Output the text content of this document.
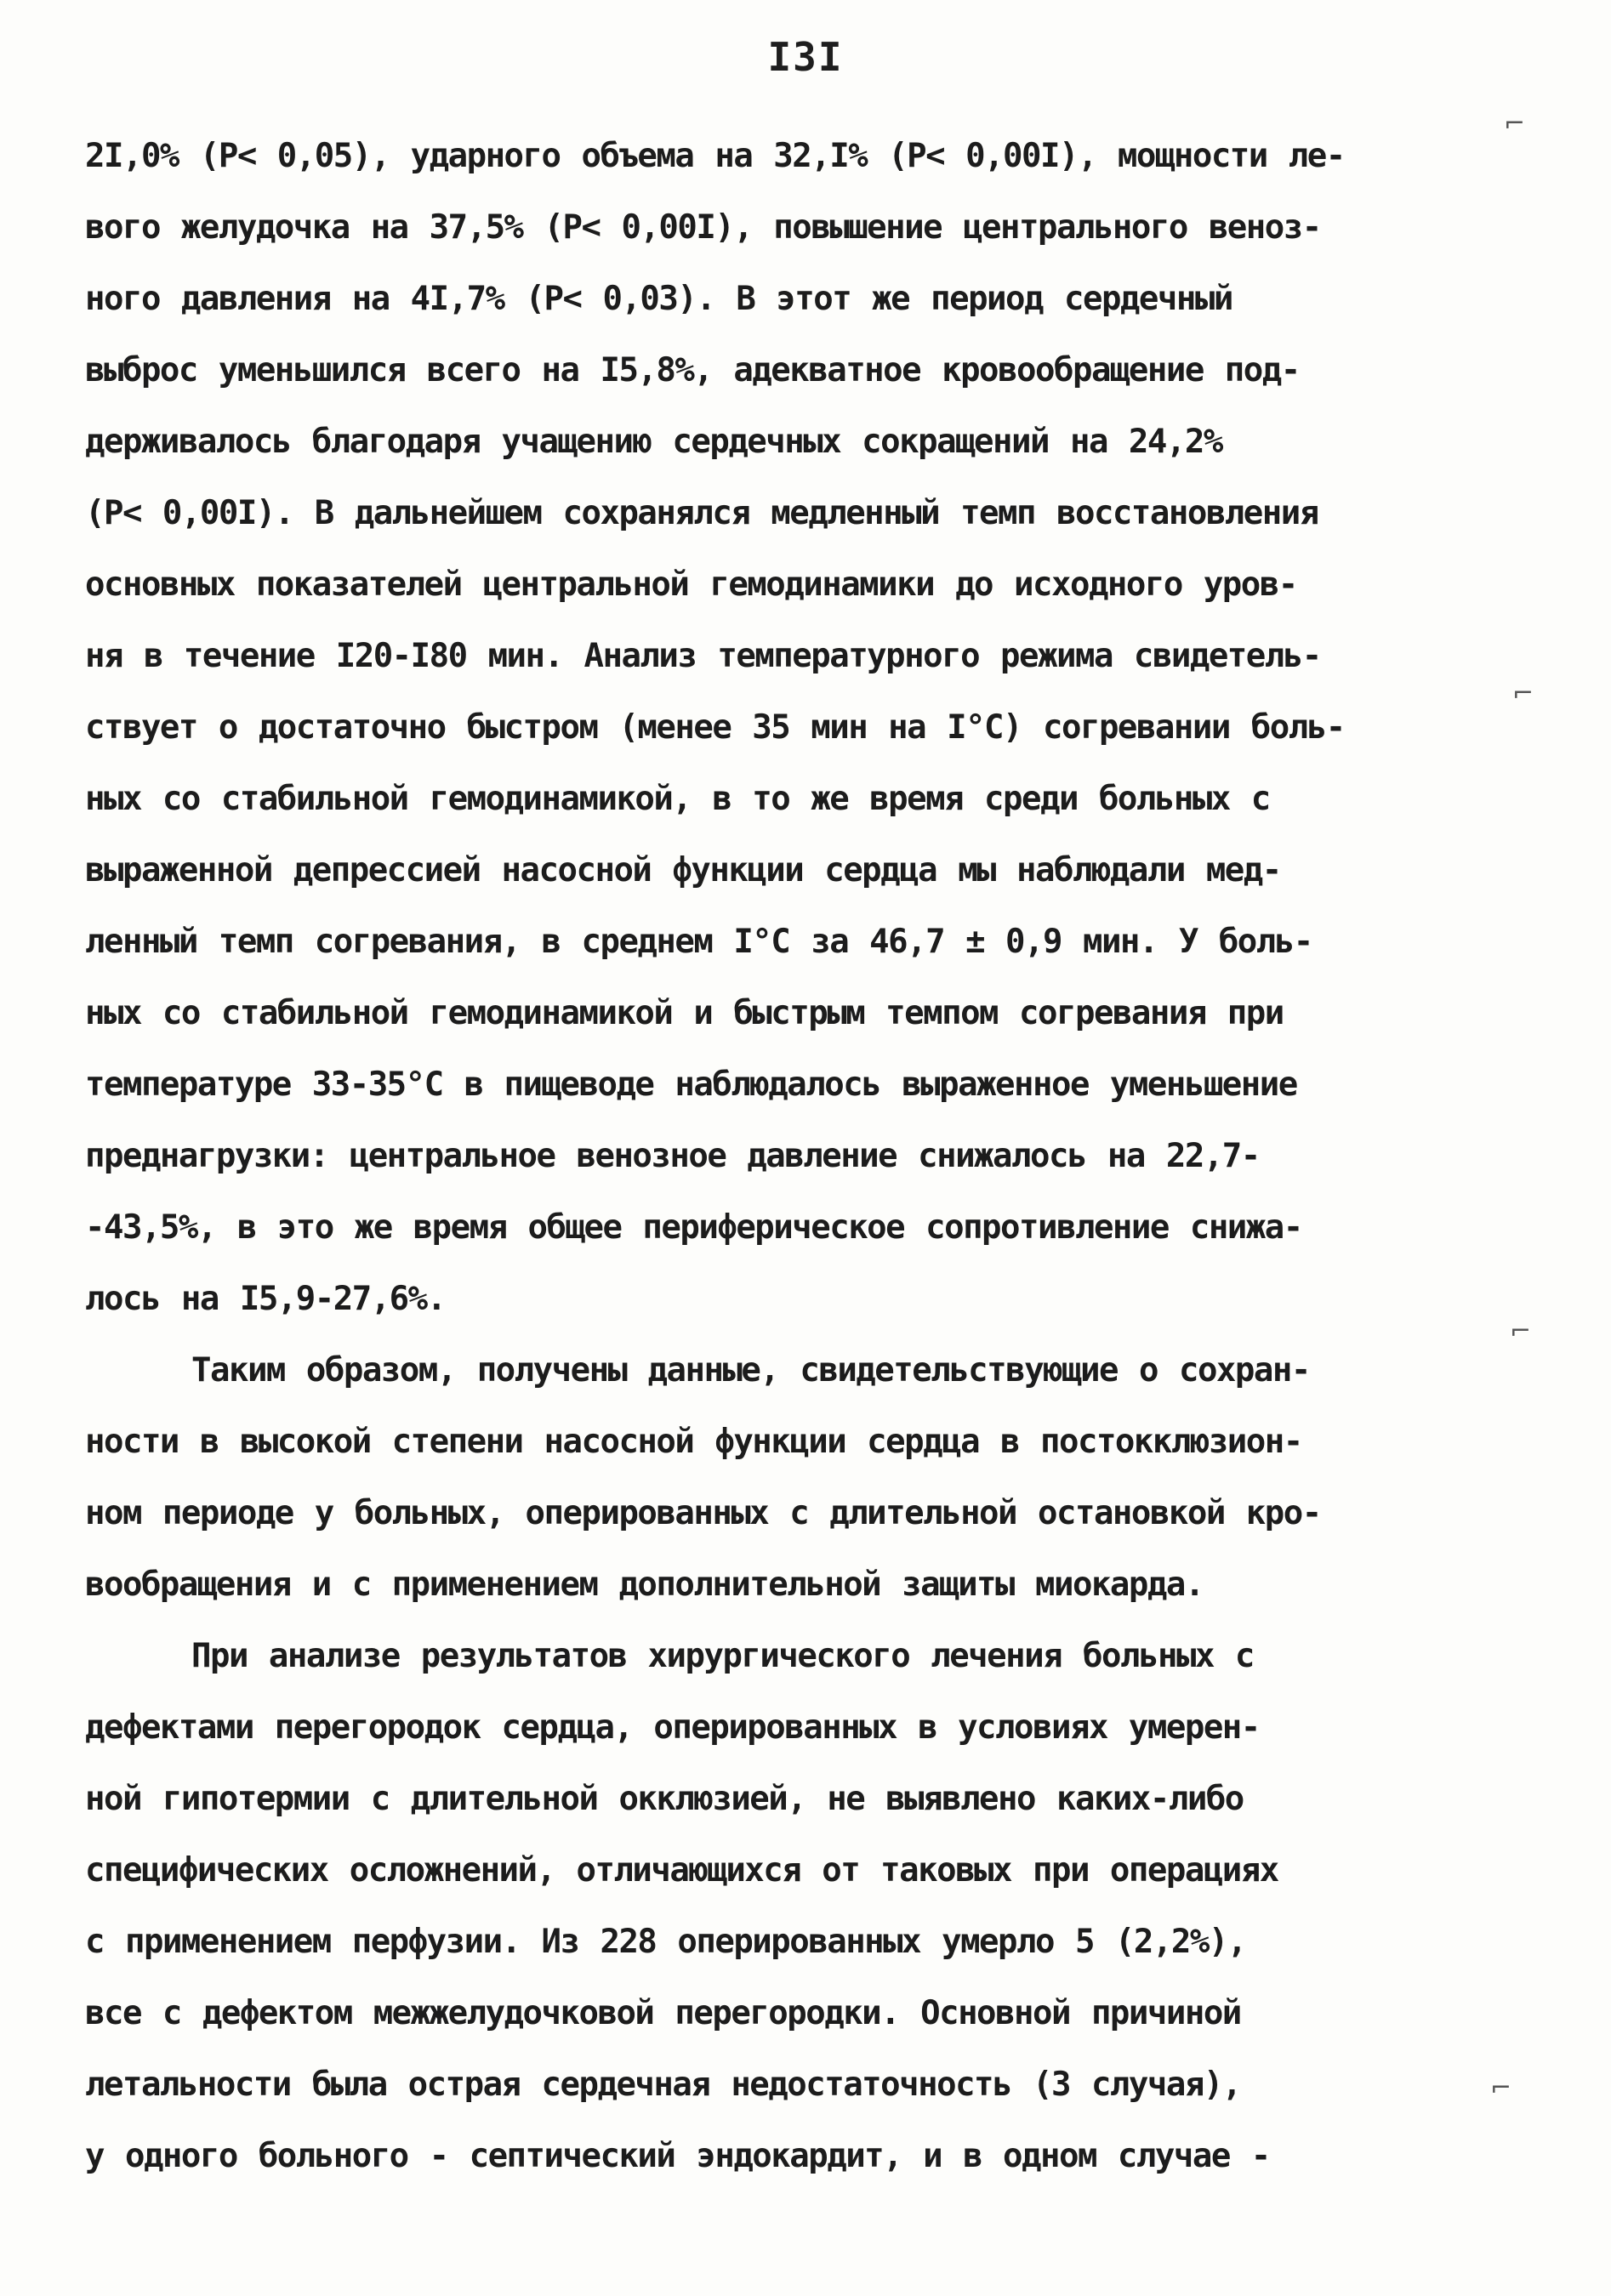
I3I
2I,0% (P< 0,05), ударного объема на 32,I% (P< 0,00I), мощности ле-
вого желудочка на 37,5% (P< 0,00I), повышение центрального веноз-
ного давления на 4I,7% (P< 0,03). В этот же период сердечный
выброс уменьшился всего на I5,8%, адекватное кровообращение под-
держивалось благодаря учащению сердечных сокращений на 24,2%
(P< 0,00I). В дальнейшем сохранялся медленный темп восстановления
основных показателей центральной гемодинамики до исходного уров-
ня в течение I20-I80 мин. Анализ температурного режима свидетель-
ствует о достаточно быстром (менее 35 мин на I°C) согревании боль-
ных со стабильной гемодинамикой, в то же время среди больных с
выраженной депрессией насосной функции сердца мы наблюдали мед-
ленный темп согревания, в среднем I°C за 46,7 ± 0,9 мин. У боль-
ных со стабильной гемодинамикой и быстрым темпом согревания при
температуре 33-35°C в пищеводе наблюдалось выраженное уменьшение
преднагрузки: центральное венозное давление снижалось на 22,7-
-43,5%, в это же время общее периферическое сопротивление снижа-
лось на I5,9-27,6%.
Таким образом, получены данные, свидетельствующие о сохран-
ности в высокой степени насосной функции сердца в постокклюзион-
ном периоде у больных, оперированных с длительной остановкой кро-
вообращения и с применением дополнительной защиты миокарда.
При анализе результатов хирургического лечения больных с
дефектами перегородок сердца, оперированных в условиях умерен-
ной гипотермии с длительной окклюзией, не выявлено каких-либо
специфических осложнений, отличающихся от таковых при операциях
с применением перфузии. Из 228 оперированных умерло 5 (2,2%),
все с дефектом межжелудочковой перегородки. Основной причиной
летальности была острая сердечная недостаточность (3 случая),
у одного больного - септический эндокардит, и в одном случае -
⌐
⌐
⌐
⌐
